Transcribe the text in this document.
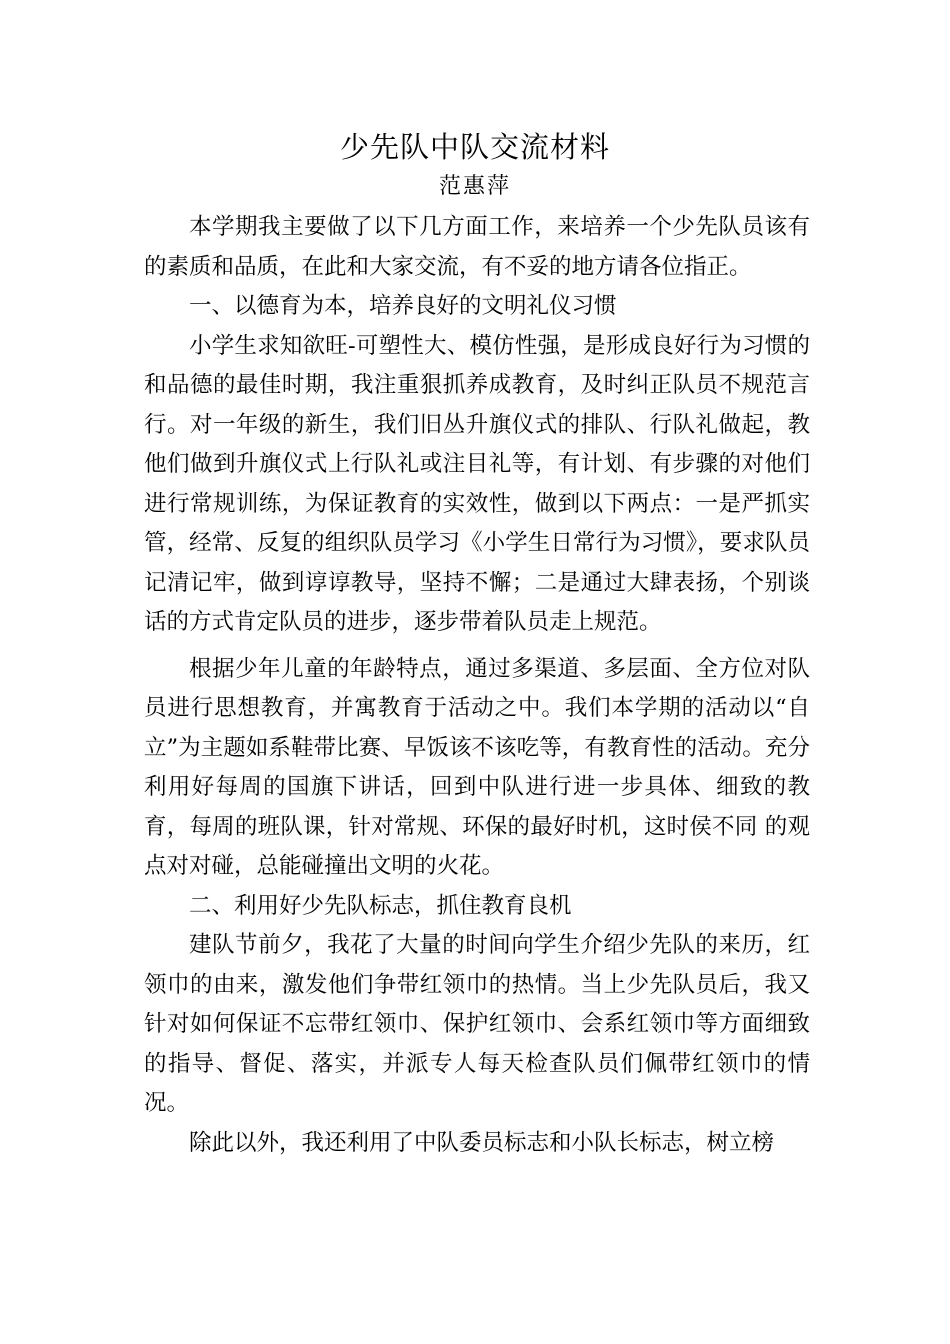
少先队中队交流材料
范惠萍

本学期我主要做了以下几方面工作，来培养一个少先队员该有的素质和品质，在此和大家交流，有不妥的地方请各位指正。

一、以德育为本，培养良好的文明礼仪习惯

小学生求知欲旺-可塑性大、模仿性强，是形成良好行为习惯的和品德的最佳时期，我注重狠抓养成教育，及时纠正队员不规范言行。对一年级的新生，我们旧丛升旗仪式的排队、行队礼做起，教他们做到升旗仪式上行队礼或注目礼等，有计划、有步骤的对他们进行常规训练，为保证教育的实效性，做到以下两点：一是严抓实管，经常、反复的组织队员学习《小学生日常行为习惯》，要求队员记清记牢，做到谆谆教导，坚持不懈；二是通过大肆表扬，个别谈话的方式肯定队员的进步，逐步带着队员走上规范。

根据少年儿童的年龄特点，通过多渠道、多层面、全方位对队员进行思想教育，并寓教育于活动之中。我们本学期的活动以“自立”为主题如系鞋带比赛、早饭该不该吃等，有教育性的活动。充分利用好每周的国旗下讲话，回到中队进行进一步具体、细致的教育，每周的班队课，针对常规、环保的最好时机，这时侯不同 的观点对对碰，总能碰撞出文明的火花。

二、利用好少先队标志，抓住教育良机

建队节前夕，我花了大量的时间向学生介绍少先队的来历，红领巾的由来，激发他们争带红领巾的热情。当上少先队员后，我又针对如何保证不忘带红领巾、保护红领巾、会系红领巾等方面细致的指导、督促、落实，并派专人每天检查队员们佩带红领巾的情况。

除此以外，我还利用了中队委员标志和小队长标志，树立榜
